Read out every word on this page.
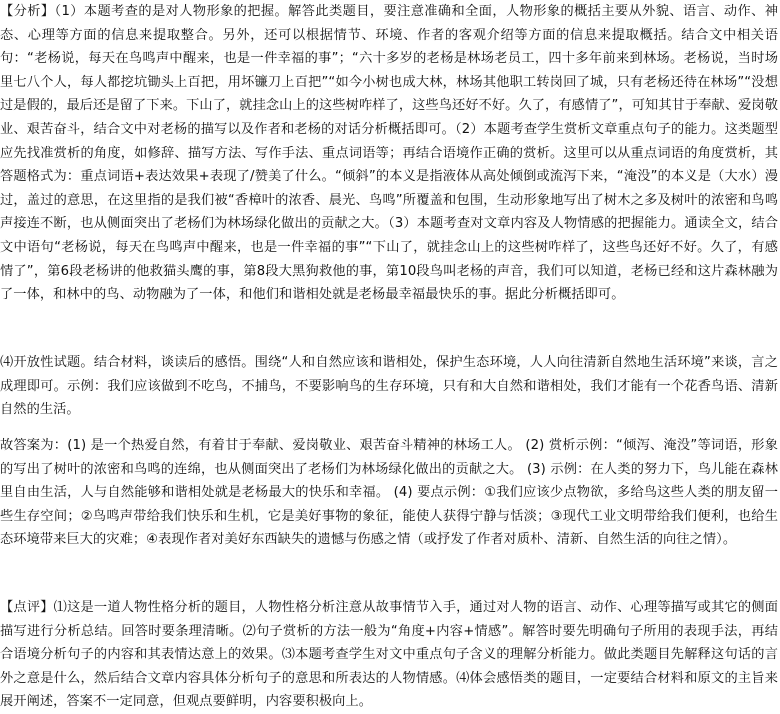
【分析】（1）本题考查的是对人物形象的把握。解答此类题目，要注意准确和全面，人物形象的概括主要从外貌、语言、动作、神态、心理等方面的信息来提取整合。另外，还可以根据情节、环境、作者的客观介绍等方面的信息来提取概括。结合文中相关语句：“老杨说，每天在鸟鸣声中醒来，也是一件幸福的事”；“六十多岁的老杨是林场老员工，四十多年前来到林场。老杨说，当时场里七八个人，每人都挖坑锄头上百把，用坏镰刀上百把”“如今小树也成大林，林场其他职工转岗回了城，只有老杨还待在林场”“没想过是假的，最后还是留了下来。下山了，就挂念山上的这些树咋样了，这些鸟还好不好。久了，有感情了”，可知其甘于奉献、爱岗敬业、艰苦奋斗，结合文中对老杨的描写以及作者和老杨的对话分析概括即可。（2）本题考查学生赏析文章重点句子的能力。这类题型应先找准赏析的角度，如修辞、描写方法、写作手法、重点词语等；再结合语境作正确的赏析。这里可以从重点词语的角度赏析，其答题格式为：重点词语+表达效果+表现了/赞美了什么。“倾斜”的本义是指液体从高处倾倒或流泻下来，“淹没”的本义是（大水）漫过，盖过的意思，在这里指的是我们被“香樟叶的浓香、晨光、鸟鸣”所覆盖和包围，生动形象地写出了树木之多及树叶的浓密和鸟鸣声接连不断，也从侧面突出了老杨们为林场绿化做出的贡献之大。（3）本题考查对文章内容及人物情感的把握能力。通读全文，结合文中语句“老杨说，每天在鸟鸣声中醒来，也是一件幸福的事”“下山了，就挂念山上的这些树咋样了，这些鸟还好不好。久了，有感情了”，第6段老杨讲的他救猫头鹰的事，第8段大黑狗救他的事，第10段鸟叫老杨的声音，我们可以知道，老杨已经和这片森林融为了一体，和林中的鸟、动物融为了一体，和他们和谐相处就是老杨最幸福最快乐的事。据此分析概括即可。

⑷开放性试题。结合材料，谈读后的感悟。围绕“人和自然应该和谐相处，保护生态环境，人人向往清新自然地生活环境”来谈，言之成理即可。示例：我们应该做到不吃鸟，不捕鸟，不要影响鸟的生存环境，只有和大自然和谐相处，我们才能有一个花香鸟语、清新自然的生活。

故答案为：(1) 是一个热爱自然，有着甘于奉献、爱岗敬业、艰苦奋斗精神的林场工人。 (2) 赏析示例：“倾泻、淹没”等词语，形象的写出了树叶的浓密和鸟鸣的连绵，也从侧面突出了老杨们为林场绿化做出的贡献之大。 (3) 示例：在人类的努力下，鸟儿能在森林里自由生活，人与自然能够和谐相处就是老杨最大的快乐和幸福。 (4) 要点示例：①我们应该少点物欲，多给鸟这些人类的朋友留一些生存空间；②鸟鸣声带给我们快乐和生机，它是美好事物的象征，能使人获得宁静与恬淡；③现代工业文明带给我们便利，也给生态环境带来巨大的灾难；④表现作者对美好东西缺失的遗憾与伤感之情（或抒发了作者对质朴、清新、自然生活的向往之情）。

【点评】⑴这是一道人物性格分析的题目，人物性格分析注意从故事情节入手，通过对人物的语言、动作、心理等描写或其它的侧面描写进行分析总结。回答时要条理清晰。⑵句子赏析的方法一般为“角度+内容+情感”。解答时要先明确句子所用的表现手法，再结合语境分析句子的内容和其表情达意上的效果。⑶本题考查学生对文中重点句子含义的理解分析能力。做此类题目先解释这句话的言外之意是什么，然后结合文章内容具体分析句子的意思和所表达的人物情感。⑷体会感悟类的题目，一定要结合材料和原文的主旨来展开阐述，答案不一定同意，但观点要鲜明，内容要积极向上。
